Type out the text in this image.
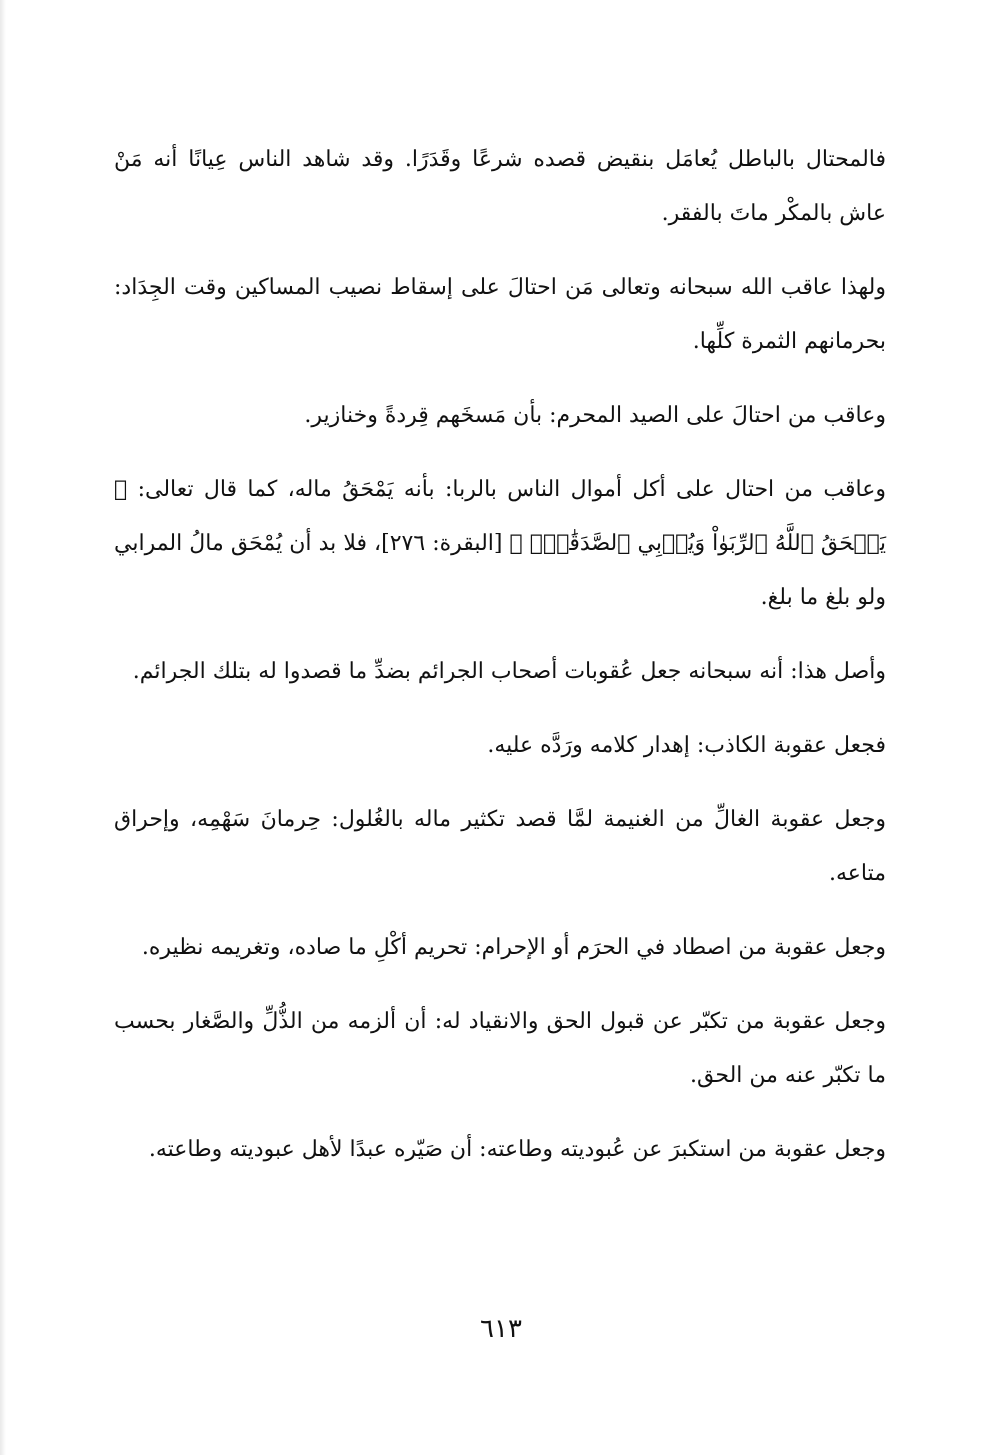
فالمحتال بالباطل يُعامَل بنقيض قصده شرعًا وقَدَرًا. وقد شاهد الناس عِيانًا أنه مَنْ عاش بالمكْر ماتَ بالفقر.

ولهذا عاقب الله سبحانه وتعالى مَن احتالَ على إسقاط نصيب المساكين وقت الجِدَاد: بحرمانهم الثمرة كلِّها.

وعاقب من احتالَ على الصيد المحرم: بأن مَسخَهم قِردةً وخنازير.

وعاقب من احتال على أكل أموال الناس بالربا: بأنه يَمْحَقُ ماله، كما قال تعالى: ﴿ يَمۡحَقُ ٱللَّهُ ٱلرِّبَوٰاْ وَيُرۡبِي ٱلصَّدَقَٰتِۗ ﴾ [البقرة: ٢٧٦]، فلا بد أن يُمْحَق مالُ المرابي ولو بلغ ما بلغ.

وأصل هذا: أنه سبحانه جعل عُقوبات أصحاب الجرائم بضدِّ ما قصدوا له بتلك الجرائم.

فجعل عقوبة الكاذب: إهدار كلامه ورَدَّه عليه.

وجعل عقوبة الغالِّ من الغنيمة لمَّا قصد تكثير ماله بالغُلول: حِرمانَ سَهْمِه، وإحراق متاعه.

وجعل عقوبة من اصطاد في الحرَم أو الإحرام: تحريم أكْلِ ما صاده، وتغريمه نظيره.

وجعل عقوبة من تكبّر عن قبول الحق والانقياد له: أن ألزمه من الذُّلِّ والصَّغار بحسب ما تكبّر عنه من الحق.

وجعل عقوبة من استكبرَ عن عُبوديته وطاعته: أن صَيّره عبدًا لأهل عبوديته وطاعته.

٦١٣
